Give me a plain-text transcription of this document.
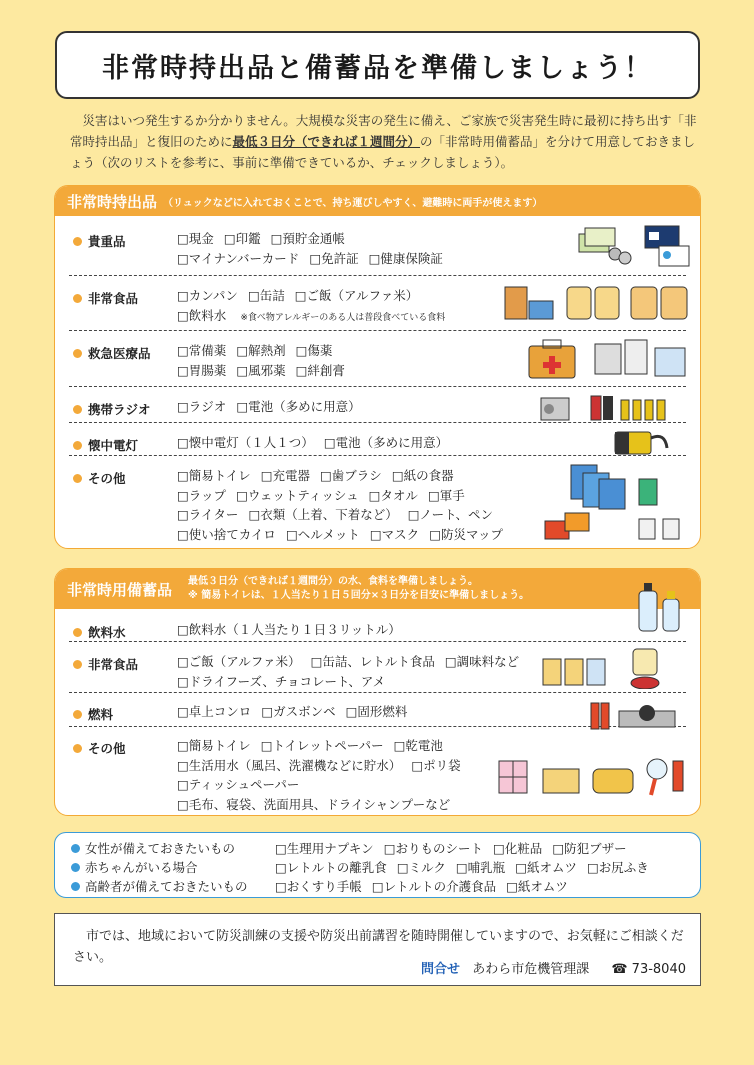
非常時持出品と備蓄品を準備しましょう！

災害はいつ発生するか分かりません。大規模な災害の発生に備え、ご家族で災害発生時に最初に持ち出す「非常時持出品」と復旧のために最低３日分（できれば１週間分）の「非常時用備蓄品」を分けて用意しておきましょう（次のリストを参考に、事前に準備できているか、チェックしましょう）。

非常時持出品 （リュックなどに入れておくことで、持ち運びしやすく、避難時に両手が使えます）
貴重品	□現金 □印鑑 □預貯金通帳
□マイナンバーカード □免許証 □健康保険証
非常食品	□カンパン □缶詰 □ご飯（アルファ米）
□飲料水 ※食べ物アレルギーのある人は普段食べている食料
救急医療品 □常備薬 □解熱剤 □傷薬
□胃腸薬 □風邪薬 □絆創膏
携帯ラジオ □ラジオ □電池（多めに用意）
懐中電灯	□懐中電灯（１人１つ） □電池（多めに用意）
その他	□簡易トイレ □充電器 □歯ブラシ □紙の食器
□ラップ □ウェットティッシュ □タオル □軍手
□ライター □衣類（上着、下着など） □ノート、ペン
□使い捨てカイロ □ヘルメット □マスク □防災マップ
非常時用備蓄品 最低３日分（できれば１週間分）の水、食料を準備しましょう。
※ 簡易トイレは、１人当たり１日５回分×３日分を目安に準備しましょう。
飲料水	□飲料水（１人当たり１日３リットル）
非常食品	□ご飯（アルファ米） □缶詰、レトルト食品 □調味料など
□ドライフーズ、チョコレート、アメ
燃料	□卓上コンロ □ガスボンベ □固形燃料
その他	□簡易トイレ □トイレットペーパー □乾電池
□生活用水（風呂、洗濯機などに貯水） □ポリ袋
□ティッシュペーパー
□毛布、寝袋、洗面用具、ドライシャンプーなど
女性が備えておきたいもの	□生理用ナプキン □おりものシート □化粧品 □防犯ブザー
赤ちゃんがいる場合	□レトルトの離乳食 □ミルク □哺乳瓶 □紙オムツ □お尻ふき
高齢者が備えておきたいもの	□おくすり手帳 □レトルトの介護食品 □紙オムツ

市では、地域において防災訓練の支援や防災出前講習を随時開催していますので、お気軽にご相談ください。

問合せ あわら市危機管理課 ☎ 73-8040
